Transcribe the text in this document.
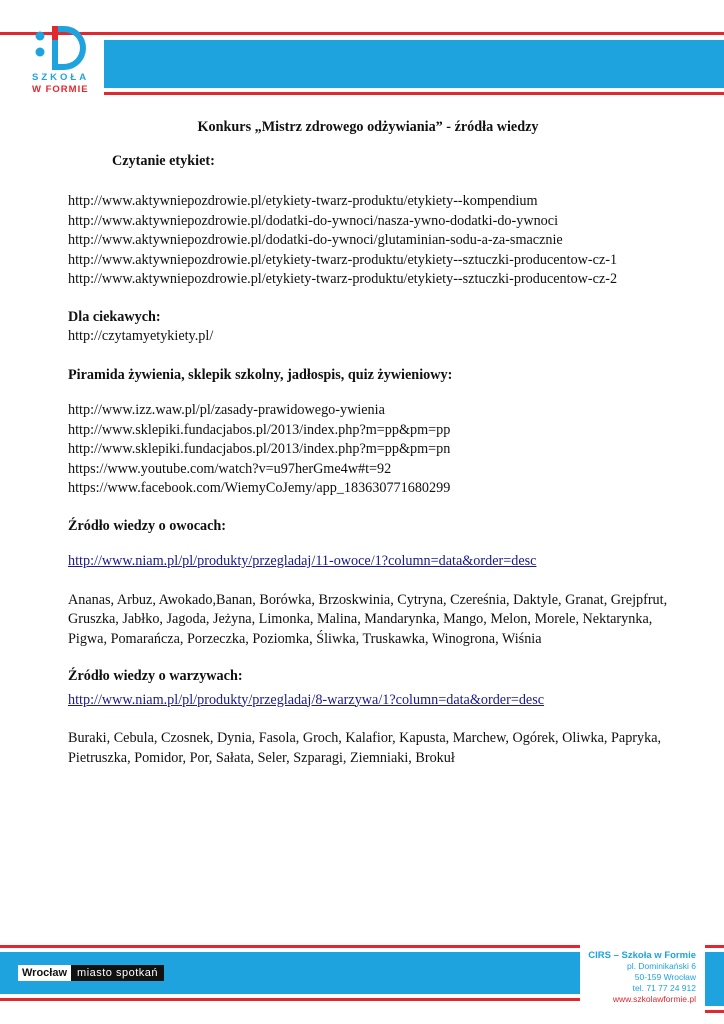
SZKOŁA
W FORMIE

Konkurs „Mistrz zdrowego odżywiania” - źródła wiedzy

Czytanie etykiet:

http://www.aktywniepozdrowie.pl/etykiety-twarz-produktu/etykiety--kompendium

http://www.aktywniepozdrowie.pl/dodatki-do-ywnoci/nasza-ywno-dodatki-do-ywnoci

http://www.aktywniepozdrowie.pl/dodatki-do-ywnoci/glutaminian-sodu-a-za-smacznie

http://www.aktywniepozdrowie.pl/etykiety-twarz-produktu/etykiety--sztuczki-producentow-cz-1

http://www.aktywniepozdrowie.pl/etykiety-twarz-produktu/etykiety--sztuczki-producentow-cz-2

Dla ciekawych:

http://czytamyetykiety.pl/

Piramida żywienia, sklepik szkolny, jadłospis, quiz żywieniowy:

http://www.izz.waw.pl/pl/zasady-prawidowego-ywienia

http://www.sklepiki.fundacjabos.pl/2013/index.php?m=pp&pm=pp

http://www.sklepiki.fundacjabos.pl/2013/index.php?m=pp&pm=pn

https://www.youtube.com/watch?v=u97herGme4w#t=92

https://www.facebook.com/WiemyCoJemy/app_183630771680299

Źródło wiedzy o owocach:

http://www.niam.pl/pl/produkty/przegladaj/11-owoce/1?column=data&order=desc

Ananas, Arbuz, Awokado,Banan, Borówka, Brzoskwinia, Cytryna, Czereśnia, Daktyle, Granat, Grejpfrut, Gruszka, Jabłko, Jagoda, Jeżyna, Limonka, Malina, Mandarynka, Mango, Melon, Morele, Nektarynka, Pigwa, Pomarańcza, Porzeczka, Poziomka, Śliwka, Truskawka, Winogrona, Wiśnia

Źródło wiedzy o warzywach:

http://www.niam.pl/pl/produkty/przegladaj/8-warzywa/1?column=data&order=desc

Buraki, Cebula, Czosnek, Dynia, Fasola, Groch, Kalafior, Kapusta, Marchew, Ogórek, Oliwka, Papryka, Pietruszka, Pomidor, Por, Sałata, Seler, Szparagi, Ziemniaki, Brokuł

Wrocław miasto spotkań
CIRS – Szkoła w Formie
pl. Dominikański 6
50-159 Wrocław
tel. 71 77 24 912
www.szkolawformie.pl
